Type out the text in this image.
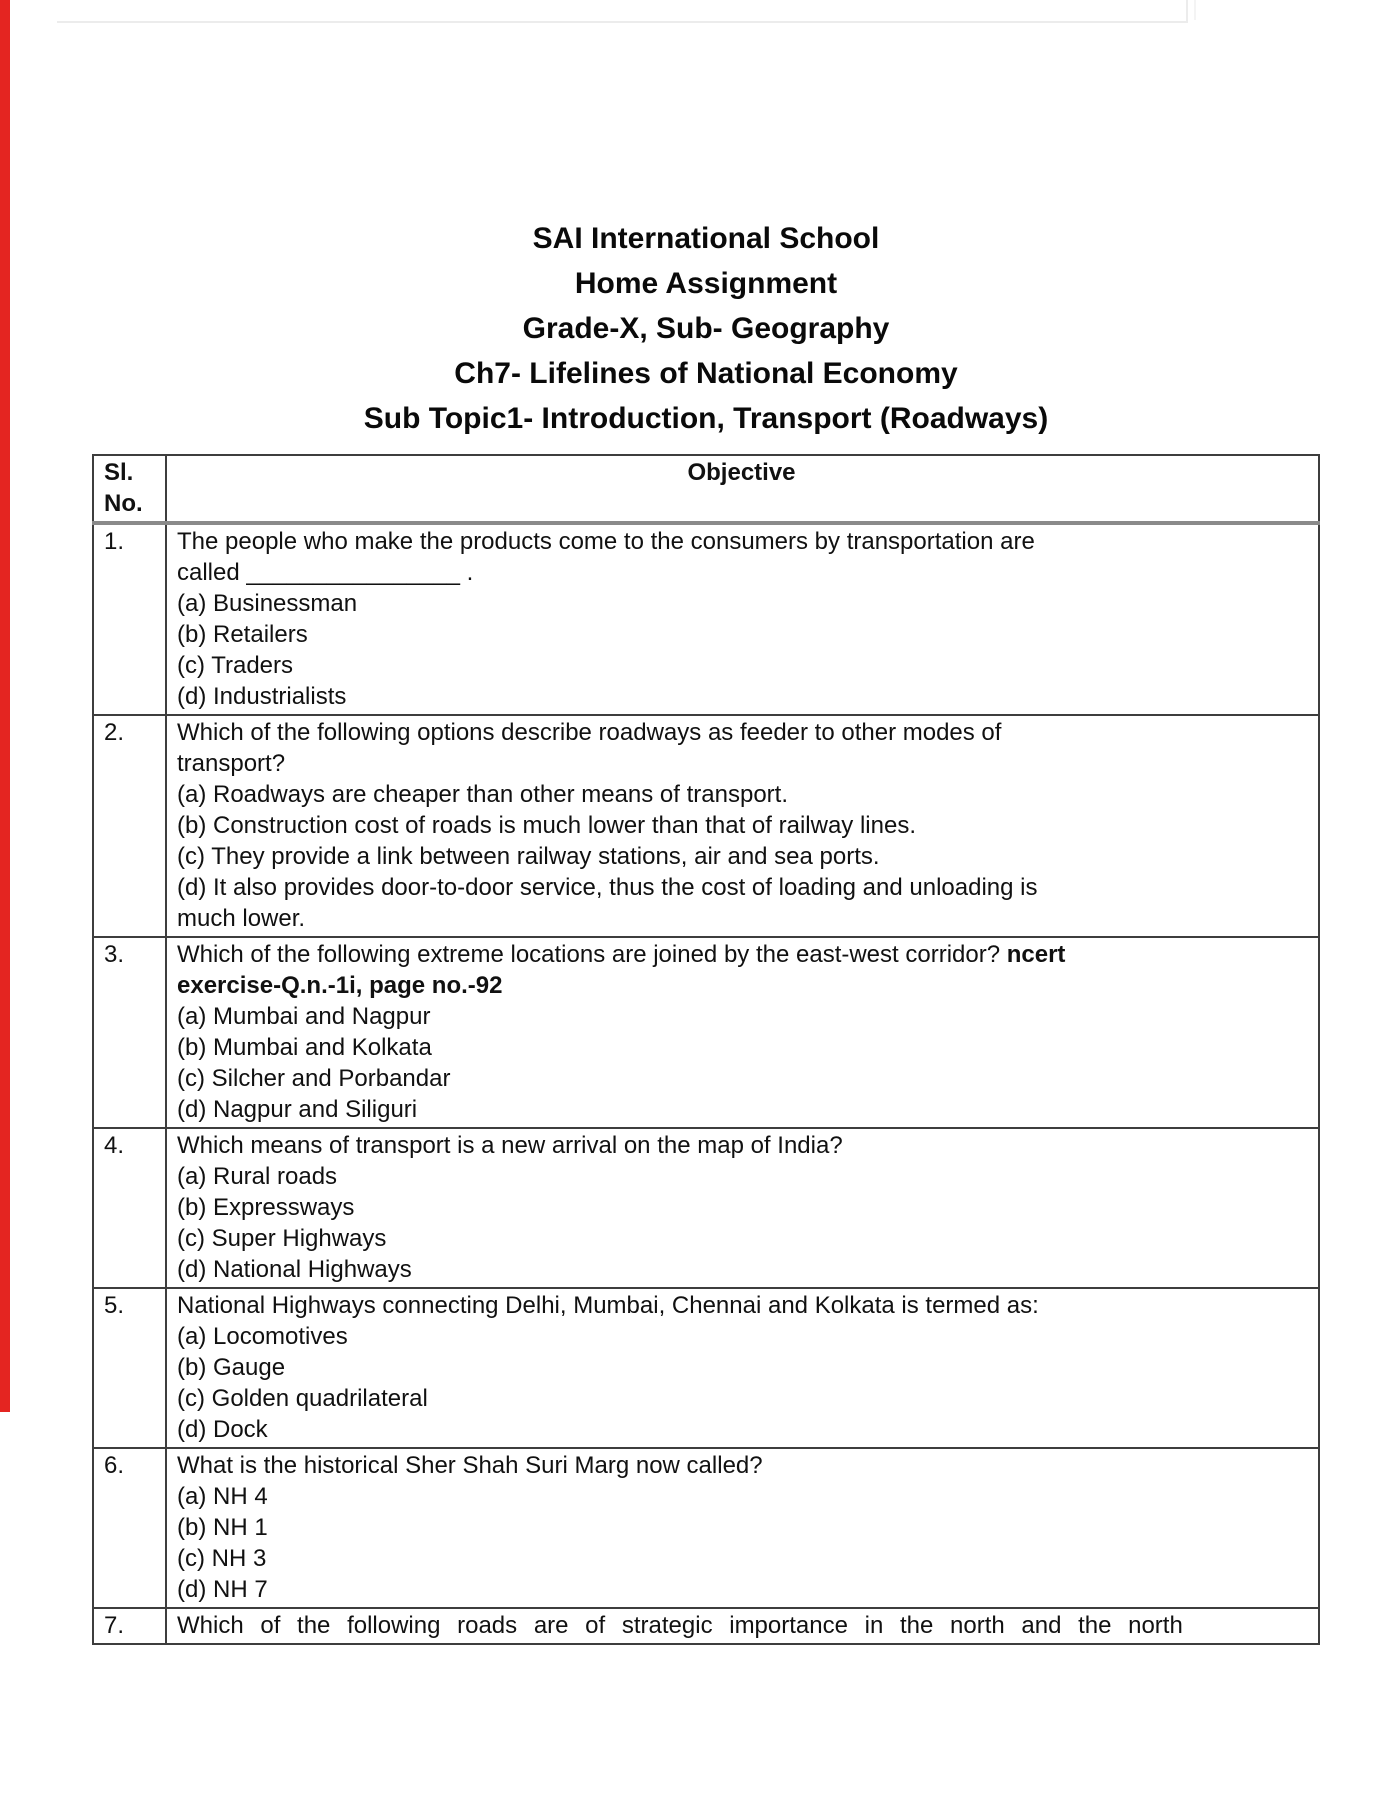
SAI International School
Home Assignment
Grade-X, Sub- Geography
Ch7- Lifelines of National Economy
Sub Topic1- Introduction, Transport (Roadways)
Sl.
No.	Objective

1.	The people who make the products come to the consumers by transportation are
called ________________ .
(a) Businessman
(b) Retailers
(c) Traders
(d) Industrialists

2.	Which of the following options describe roadways as feeder to other modes of
transport?
(a) Roadways are cheaper than other means of transport.
(b) Construction cost of roads is much lower than that of railway lines.
(c) They provide a link between railway stations, air and sea ports.
(d) It also provides door-to-door service, thus the cost of loading and unloading is
much lower.

3.	Which of the following extreme locations are joined by the east-west corridor? ncert
exercise-Q.n.-1i, page no.-92
(a) Mumbai and Nagpur
(b) Mumbai and Kolkata
(c) Silcher and Porbandar
(d) Nagpur and Siliguri

4.	Which means of transport is a new arrival on the map of India?
(a) Rural roads
(b) Expressways
(c) Super Highways
(d) National Highways

5.	National Highways connecting Delhi, Mumbai, Chennai and Kolkata is termed as:
(a) Locomotives
(b) Gauge
(c) Golden quadrilateral
(d) Dock

6.	What is the historical Sher Shah Suri Marg now called?
(a) NH 4
(b) NH 1
(c) NH 3
(d) NH 7

7.	Which of the following roads are of strategic importance in the north and the north
